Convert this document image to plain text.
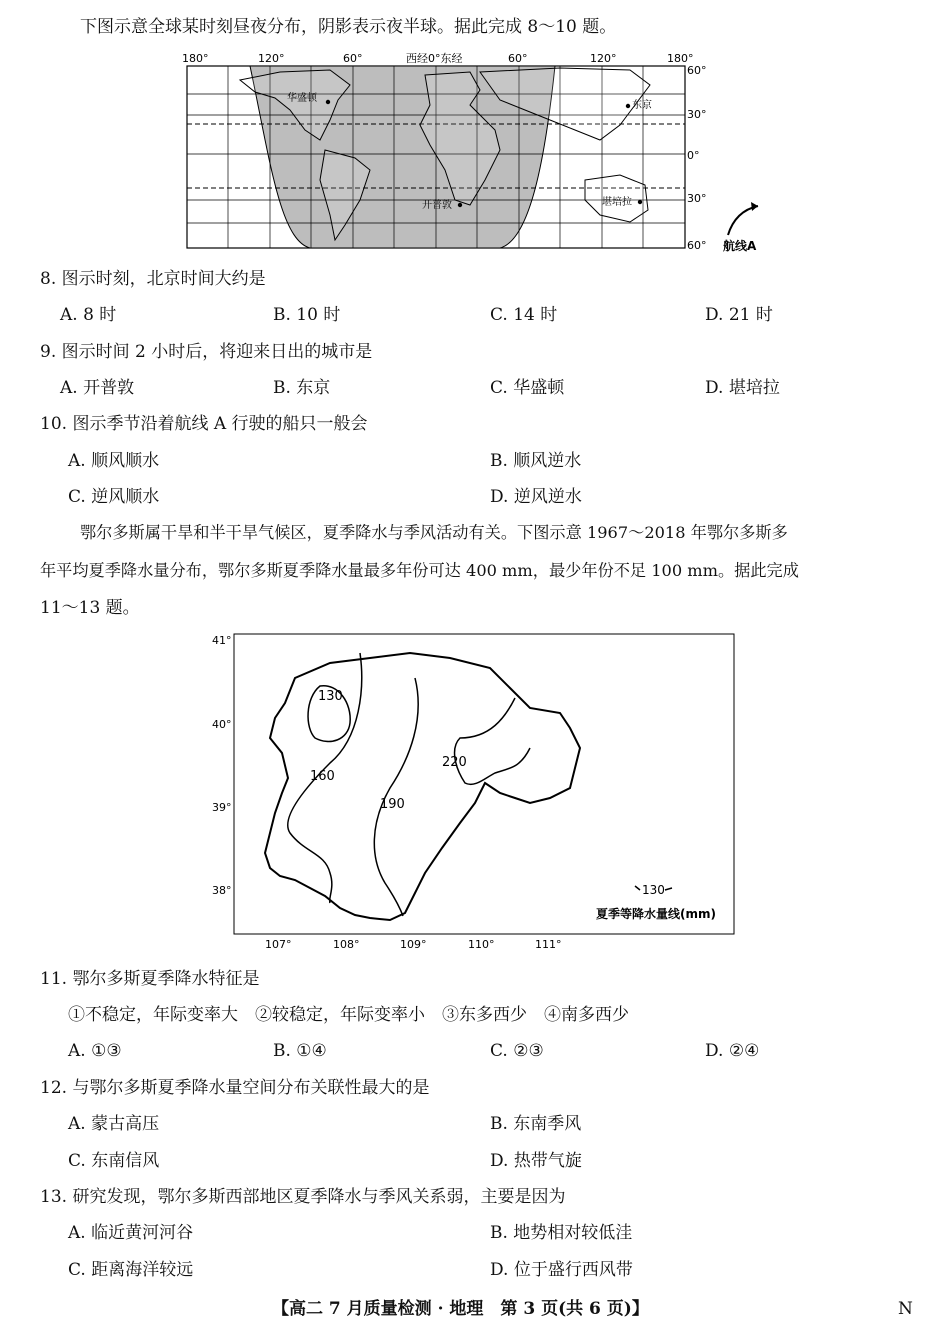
下图示意全球某时刻昼夜分布，阴影表示夜半球。据此完成 8～10 题。
180°	120°	60°	西经0°东经	60°	120°	180°
60°
30°
0°
30°
60°
华盛顿
东京
开普敦	堪培拉
航线A
8. 图示时刻，北京时间大约是
A. 8 时	B. 10 时	C. 14 时	D. 21 时
9. 图示时间 2 小时后，将迎来日出的城市是
A. 开普敦	B. 东京	C. 华盛顿	D. 堪培拉
10. 图示季节沿着航线 A 行驶的船只一般会
A. 顺风顺水	B. 顺风逆水
C. 逆风顺水	D. 逆风逆水
鄂尔多斯属干旱和半干旱气候区，夏季降水与季风活动有关。下图示意 1967～2018 年鄂尔多斯多
年平均夏季降水量分布，鄂尔多斯夏季降水量最多年份可达 400 mm，最少年份不足 100 mm。据此完成
11～13 题。
130
160
190
220
41°
40°
39°
38°
107°	108°	109°	110°	111°
130
夏季等降水量线(mm)
11. 鄂尔多斯夏季降水特征是
①不稳定，年际变率大　②较稳定，年际变率小　③东多西少　④南多西少
A. ①③	B. ①④	C. ②③	D. ②④
12. 与鄂尔多斯夏季降水量空间分布关联性最大的是
A. 蒙古高压	B. 东南季风
C. 东南信风	D. 热带气旋
13. 研究发现，鄂尔多斯西部地区夏季降水与季风关系弱，主要是因为
A. 临近黄河河谷	B. 地势相对较低洼
C. 距离海洋较远	D. 位于盛行西风带
【高二 7 月质量检测 · 地理　第 3 页(共 6 页)】	N
